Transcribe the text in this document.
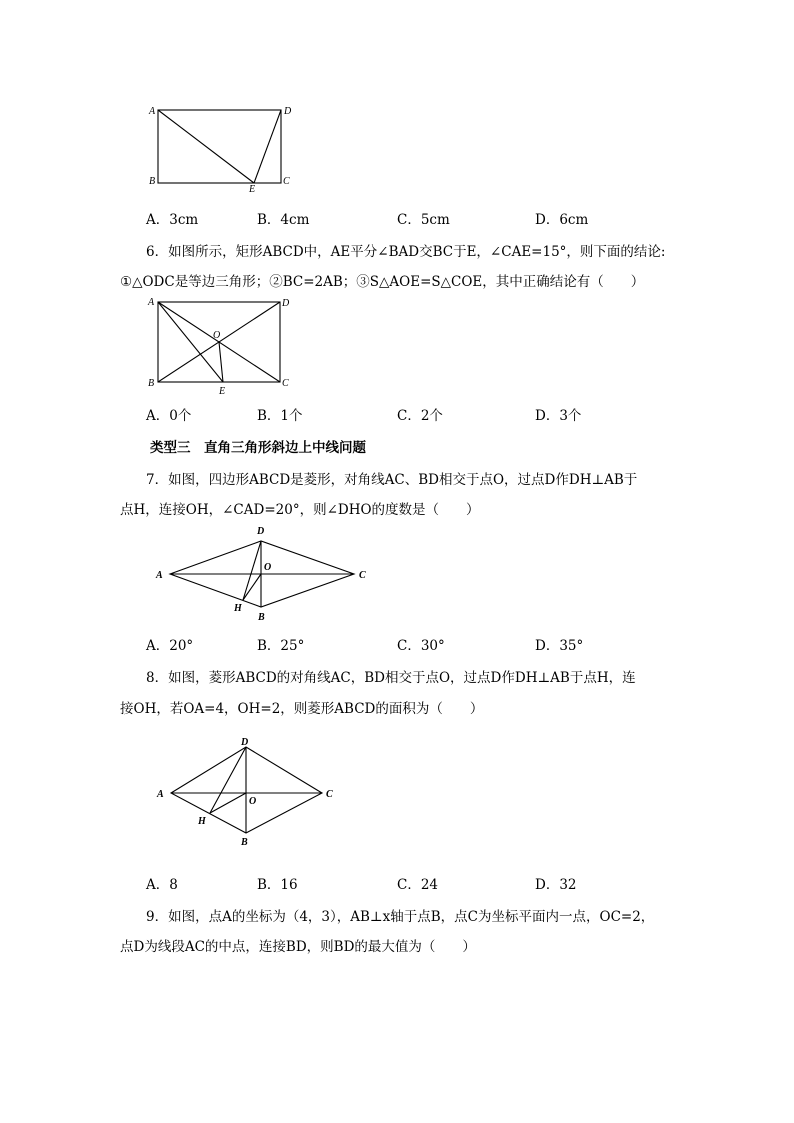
A	D
B	C
E
A．3cm	B．4cm	C．5cm	D．6cm
6．如图所示，矩形ABCD中，AE平分∠BAD交BC于E，∠CAE=15°，则下面的结论:
①△ODC是等边三角形；②BC=2AB；③S△AOE=S△COE，其中正确结论有（　　）
A	D
B	C
O
E
A．0个	B．1个	C．2个	D．3个
类型三　直角三角形斜边上中线问题
7．如图，四边形ABCD是菱形，对角线AC、BD相交于点O，过点D作DH⊥AB于
点H，连接OH，∠CAD=20°，则∠DHO的度数是（　　）
A
D
C
B
O
H
A．20°	B．25°	C．30°	D．35°
8．如图，菱形ABCD的对角线AC，BD相交于点O，过点D作DH⊥AB于点H，连
接OH，若OA=4，OH=2，则菱形ABCD的面积为（　　）
A
D
C
B
O
H
A．8	B．16	C．24	D．32
9．如图，点A的坐标为（4，3），AB⊥x轴于点B，点C为坐标平面内一点，OC=2，
点D为线段AC的中点，连接BD，则BD的最大值为（　　）
